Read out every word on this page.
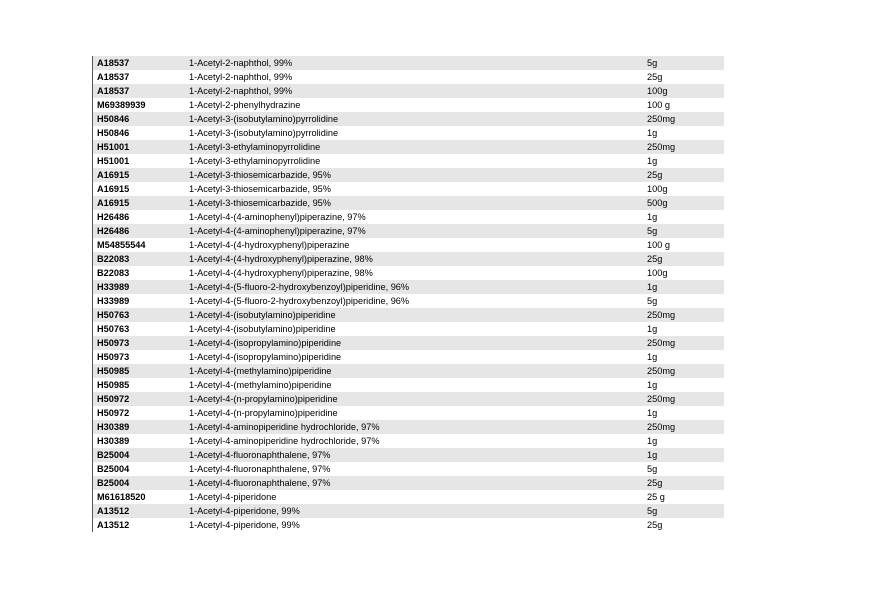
A18537	1-Acetyl-2-naphthol, 99%	5g
A18537	1-Acetyl-2-naphthol, 99%	25g
A18537	1-Acetyl-2-naphthol, 99%	100g
M69389939	1-Acetyl-2-phenylhydrazine	100 g
H50846	1-Acetyl-3-(isobutylamino)pyrrolidine	250mg
H50846	1-Acetyl-3-(isobutylamino)pyrrolidine	1g
H51001	1-Acetyl-3-ethylaminopyrrolidine	250mg
H51001	1-Acetyl-3-ethylaminopyrrolidine	1g
A16915	1-Acetyl-3-thiosemicarbazide, 95%	25g
A16915	1-Acetyl-3-thiosemicarbazide, 95%	100g
A16915	1-Acetyl-3-thiosemicarbazide, 95%	500g
H26486	1-Acetyl-4-(4-aminophenyl)piperazine, 97%	1g
H26486	1-Acetyl-4-(4-aminophenyl)piperazine, 97%	5g
M54855544	1-Acetyl-4-(4-hydroxyphenyl)piperazine	100 g
B22083	1-Acetyl-4-(4-hydroxyphenyl)piperazine, 98%	25g
B22083	1-Acetyl-4-(4-hydroxyphenyl)piperazine, 98%	100g
H33989	1-Acetyl-4-(5-fluoro-2-hydroxybenzoyl)piperidine, 96%	1g
H33989	1-Acetyl-4-(5-fluoro-2-hydroxybenzoyl)piperidine, 96%	5g
H50763	1-Acetyl-4-(isobutylamino)piperidine	250mg
H50763	1-Acetyl-4-(isobutylamino)piperidine	1g
H50973	1-Acetyl-4-(isopropylamino)piperidine	250mg
H50973	1-Acetyl-4-(isopropylamino)piperidine	1g
H50985	1-Acetyl-4-(methylamino)piperidine	250mg
H50985	1-Acetyl-4-(methylamino)piperidine	1g
H50972	1-Acetyl-4-(n-propylamino)piperidine	250mg
H50972	1-Acetyl-4-(n-propylamino)piperidine	1g
H30389	1-Acetyl-4-aminopiperidine hydrochloride, 97%	250mg
H30389	1-Acetyl-4-aminopiperidine hydrochloride, 97%	1g
B25004	1-Acetyl-4-fluoronaphthalene, 97%	1g
B25004	1-Acetyl-4-fluoronaphthalene, 97%	5g
B25004	1-Acetyl-4-fluoronaphthalene, 97%	25g
M61618520	1-Acetyl-4-piperidone	25 g
A13512	1-Acetyl-4-piperidone, 99%	5g
A13512	1-Acetyl-4-piperidone, 99%	25g
